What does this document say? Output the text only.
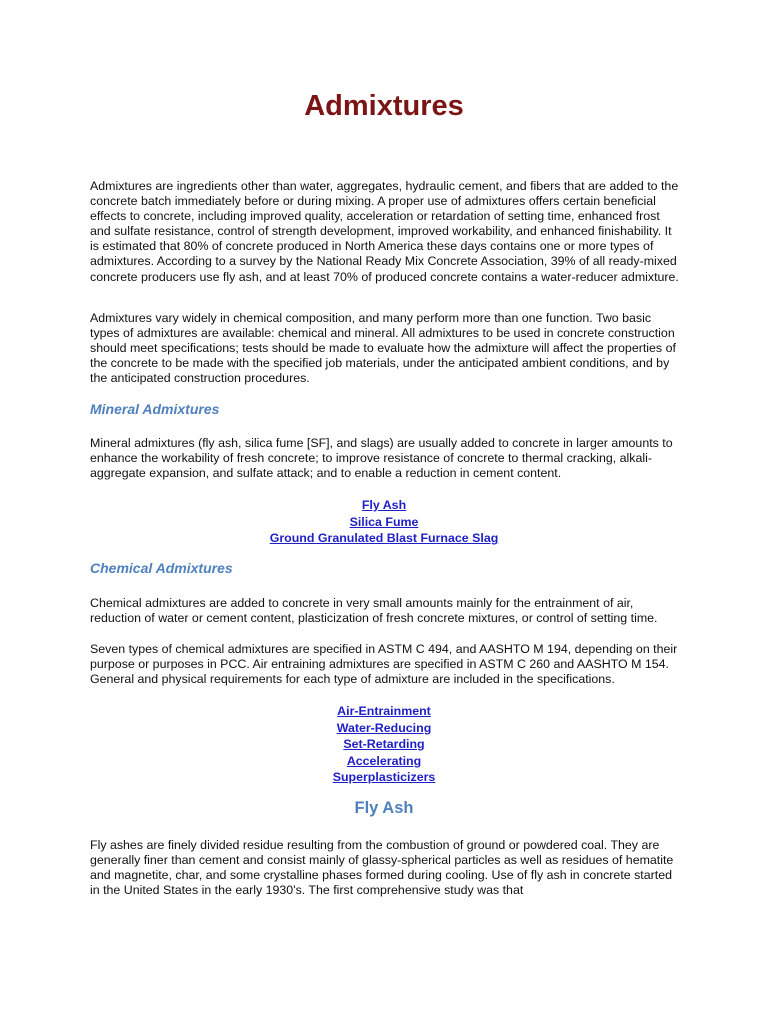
Admixtures

Admixtures are ingredients other than water, aggregates, hydraulic cement, and fibers that are added to the concrete batch immediately before or during mixing. A proper use of admixtures offers certain beneficial effects to concrete, including improved quality, acceleration or retardation of setting time, enhanced frost and sulfate resistance, control of strength development, improved workability, and enhanced finishability. It is estimated that 80% of concrete produced in North America these days contains one or more types of admixtures. According to a survey by the National Ready Mix Concrete Association, 39% of all ready-mixed concrete producers use fly ash, and at least 70% of produced concrete contains a water-reducer admixture.

Admixtures vary widely in chemical composition, and many perform more than one function. Two basic types of admixtures are available: chemical and mineral. All admixtures to be used in concrete construction should meet specifications; tests should be made to evaluate how the admixture will affect the properties of the concrete to be made with the specified job materials, under the anticipated ambient conditions, and by the anticipated construction procedures.

Mineral Admixtures

Mineral admixtures (fly ash, silica fume [SF], and slags) are usually added to concrete in larger amounts to enhance the workability of fresh concrete; to improve resistance of concrete to thermal cracking, alkali-aggregate expansion, and sulfate attack; and to enable a reduction in cement content.

Fly Ash
Silica Fume
Ground Granulated Blast Furnace Slag
Chemical Admixtures

Chemical admixtures are added to concrete in very small amounts mainly for the entrainment of air, reduction of water or cement content, plasticization of fresh concrete mixtures, or control of setting time.

Seven types of chemical admixtures are specified in ASTM C 494, and AASHTO M 194, depending on their purpose or purposes in PCC. Air entraining admixtures are specified in ASTM C 260 and AASHTO M 154. General and physical requirements for each type of admixture are included in the specifications.

Air-Entrainment
Water-Reducing
Set-Retarding
Accelerating
Superplasticizers
Fly Ash

Fly ashes are finely divided residue resulting from the combustion of ground or powdered coal. They are generally finer than cement and consist mainly of glassy-spherical particles as well as residues of hematite and magnetite, char, and some crystalline phases formed during cooling. Use of fly ash in concrete started in the United States in the early 1930's. The first comprehensive study was that
